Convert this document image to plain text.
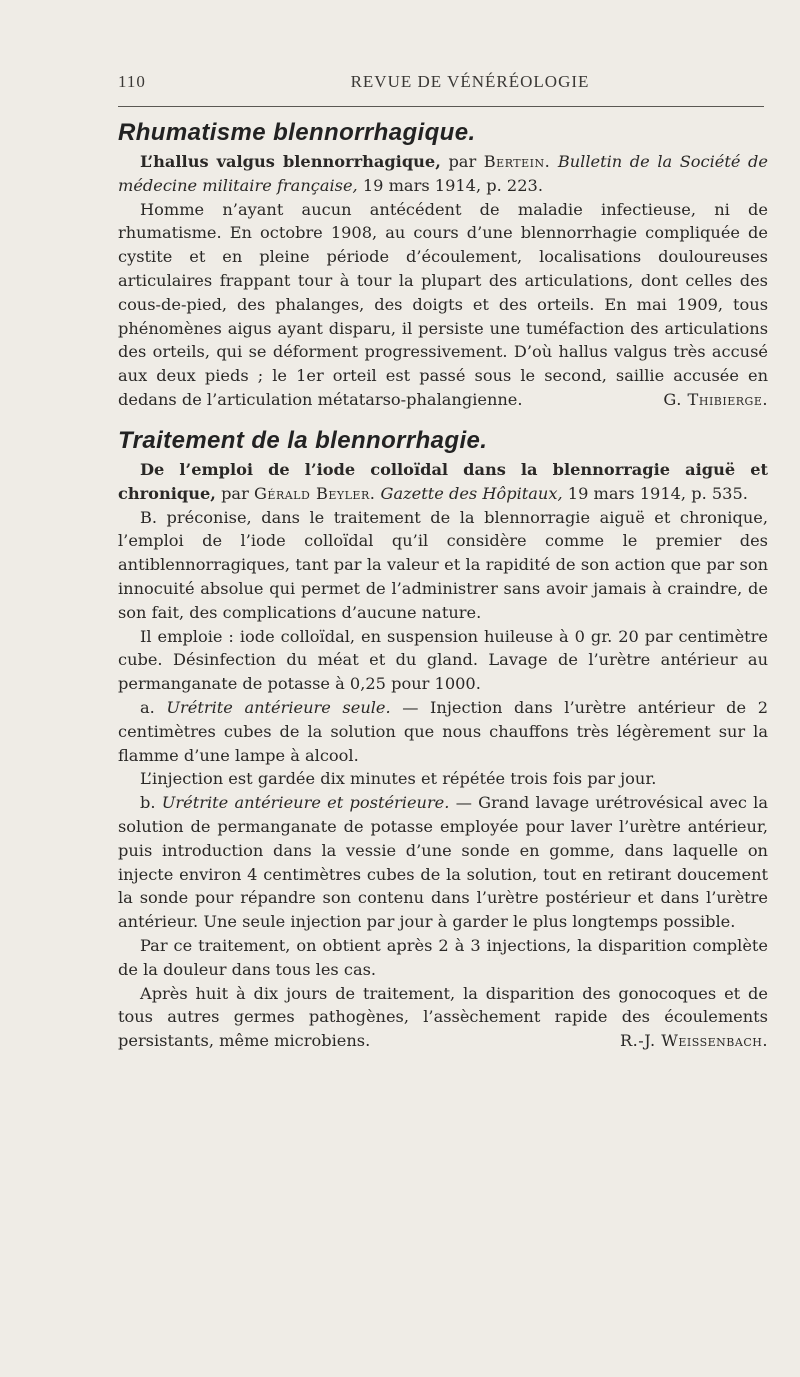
110	REVUE DE VÉNÉRÉOLOGIE
Rhumatisme blennorrhagique.

L’hallus valgus blennorrhagique, par Bertein. Bulletin de la Société de médecine militaire française, 19 mars 1914, p. 223.

Homme n’ayant aucun antécédent de maladie infectieuse, ni de rhumatisme. En octobre 1908, au cours d’une blennorrhagie compliquée de cystite et en pleine période d’écoulement, localisations douloureuses articulaires frappant tour à tour la plupart des articulations, dont celles des cous-de-pied, des phalanges, des doigts et des orteils. En mai 1909, tous phénomènes aigus ayant disparu, il persiste une tuméfaction des articulations des orteils, qui se déforment progressivement. D’où hallus valgus très accusé aux deux pieds ; le 1er orteil est passé sous le second, saillie accusée en dedans de l’articulation métatarso-phalangienne.	G. Thibierge.

Traitement de la blennorrhagie.

De l’emploi de l’iode colloïdal dans la blennorragie aiguë et chronique, par Gérald Beyler. Gazette des Hôpitaux, 19 mars 1914, p. 535.

B. préconise, dans le traitement de la blennorragie aiguë et chronique, l’emploi de l’iode colloïdal qu’il considère comme le premier des antiblennorragiques, tant par la valeur et la rapidité de son action que par son innocuité absolue qui permet de l’administrer sans avoir jamais à craindre, de son fait, des complications d’aucune nature.

Il emploie : iode colloïdal, en suspension huileuse à 0 gr. 20 par centimètre cube. Désinfection du méat et du gland. Lavage de l’urètre antérieur au permanganate de potasse à 0,25 pour 1000.

a. Urétrite antérieure seule. — Injection dans l’urètre antérieur de 2 centimètres cubes de la solution que nous chauffons très légèrement sur la flamme d’une lampe à alcool.

L’injection est gardée dix minutes et répétée trois fois par jour.

b. Urétrite antérieure et postérieure. — Grand lavage urétrovésical avec la solution de permanganate de potasse employée pour laver l’urètre antérieur, puis introduction dans la vessie d’une sonde en gomme, dans laquelle on injecte environ 4 centimètres cubes de la solution, tout en retirant doucement la sonde pour répandre son contenu dans l’urètre postérieur et dans l’urètre antérieur. Une seule injection par jour à garder le plus longtemps possible.

Par ce traitement, on obtient après 2 à 3 injections, la disparition complète de la douleur dans tous les cas.

Après huit à dix jours de traitement, la disparition des gonocoques et de tous autres germes pathogènes, l’assèchement rapide des écoulements persistants, même microbiens.	R.-J. Weissenbach.
